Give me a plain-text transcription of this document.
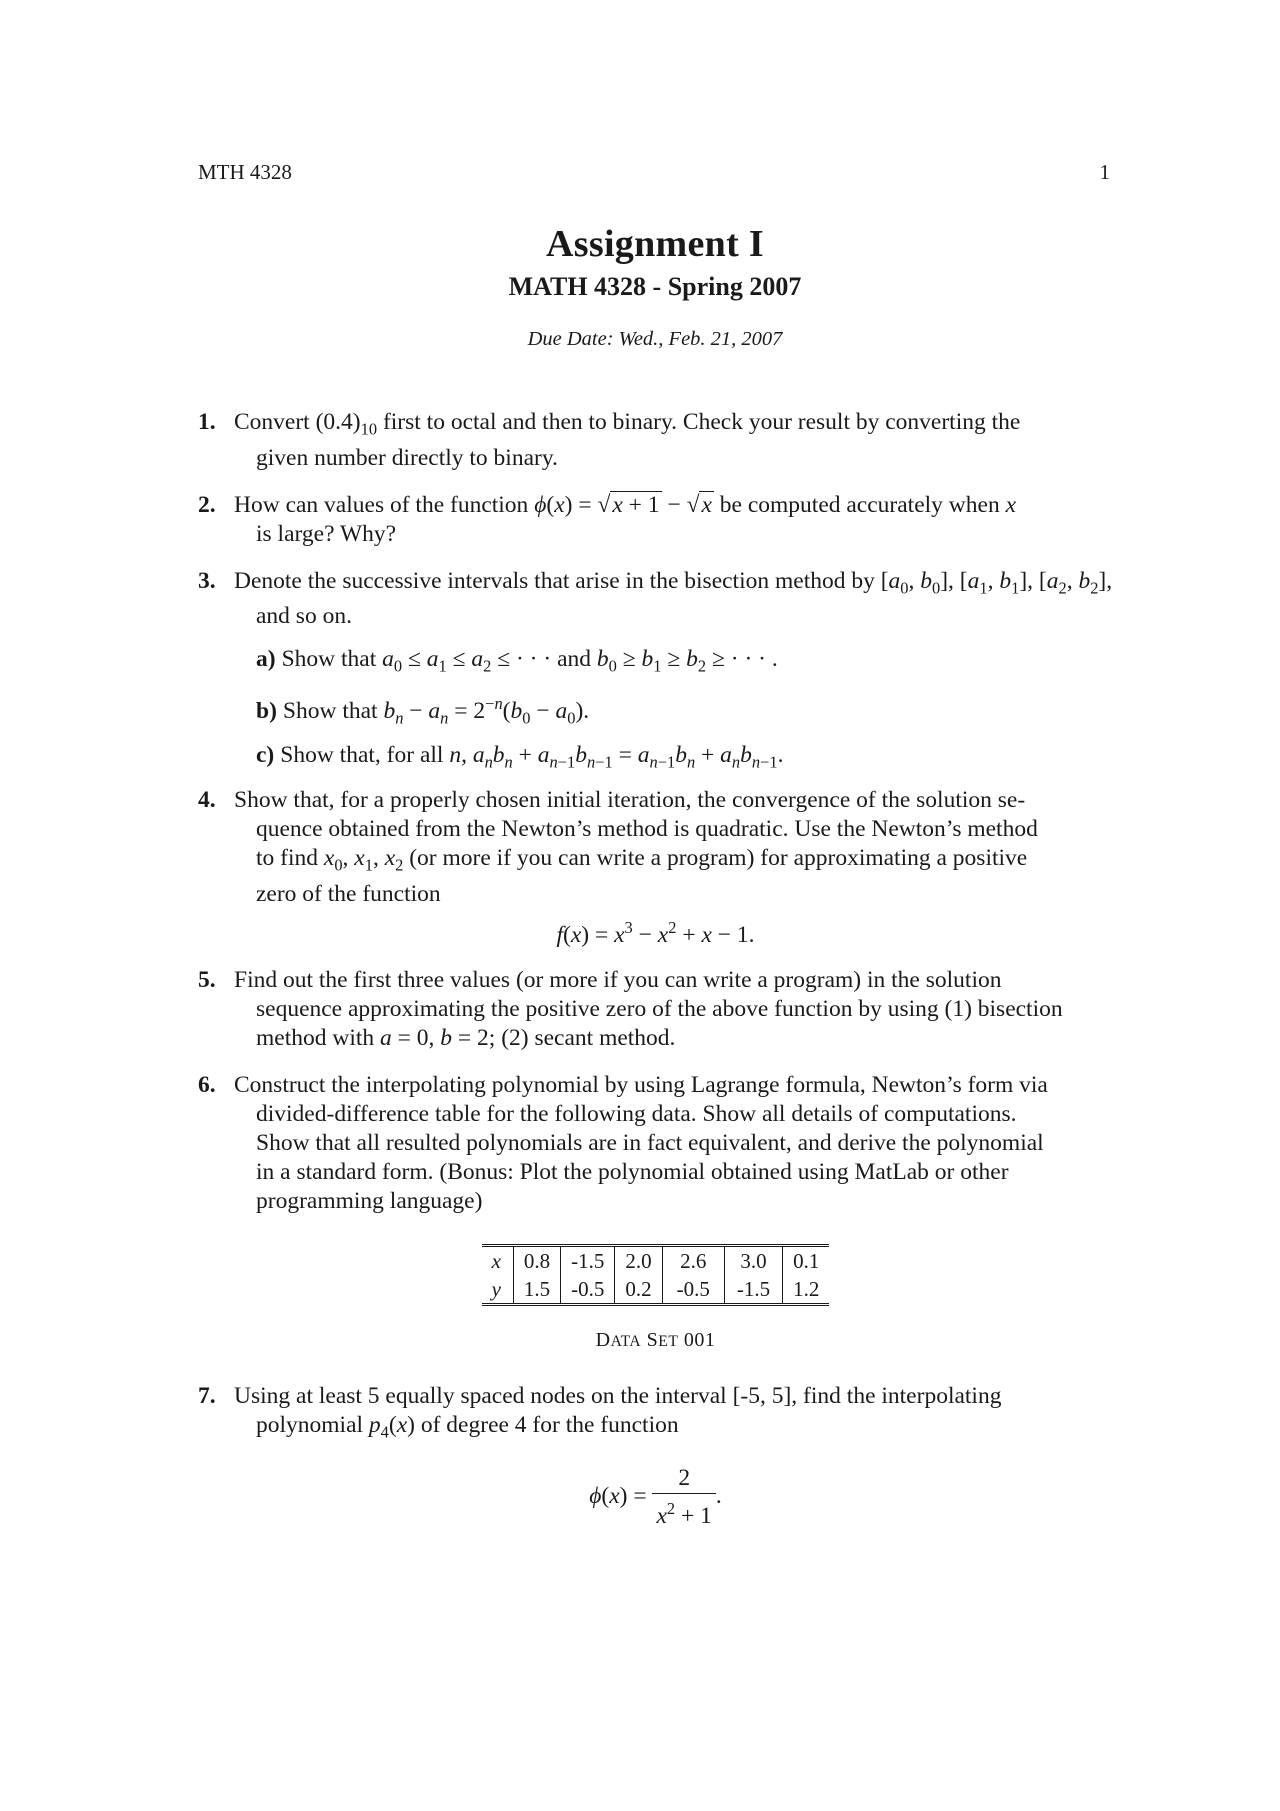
MTH 4328	1
Assignment I
MATH 4328 - Spring 2007
Due Date: Wed., Feb. 21, 2007
1. Convert $(0.4)_{10}$ first to octal and then to binary. Check your result by converting the
given number directly to binary.
2. How can values of the function ϕ(x) = √x + 1 − √x be computed accurately when x
is large? Why?
3. Denote the successive intervals that arise in the bisection method by [$a_0$, $b_0$], [$a_1$, $b_1$], [$a_2$, $b_2$],
and so on.
a) Show that $a_0 \le a_1 \le a_2$ ≤ · · · and $b_0 \ge b_1 \ge b_2$ ≥ · · · .
b) Show that $b_n - a_n = 2^{-n}(b_0 - a_0)$.
c) Show that, for all n, $a_nb_n + a_{n-1}b_{n-1} = a_{n-1}b_n + a_nb_{n-1}$.
4. Show that, for a properly chosen initial iteration, the convergence of the solution se-
quence obtained from the Newton’s method is quadratic. Use the Newton’s method
to find $x_0$, $x_1$, $x_2$ (or more if you can write a program) for approximating a positive
zero of the function
$f(x) = x^3 - x^2 + x - 1$.
5. Find out the first three values (or more if you can write a program) in the solution
sequence approximating the positive zero of the above function by using (1) bisection
method with a = 0, b = 2; (2) secant method.
6. Construct the interpolating polynomial by using Lagrange formula, Newton’s form via
divided-difference table for the following data. Show all details of computations.
Show that all resulted polynomials are in fact equivalent, and derive the polynomial
in a standard form. (Bonus: Plot the polynomial obtained using MatLab or other
programming language)
x	0.8	-1.5	2.0	2.6	3.0	0.1
y	1.5	-0.5	0.2	-0.5	-1.5	1.2
DATA SET 001
7. Using at least 5 equally spaced nodes on the interval [-5, 5], find the interpolating
polynomial $p_4(x)$ of degree 4 for the function
$\phi(x) = \frac{2}{x^2 + 1}$ .
